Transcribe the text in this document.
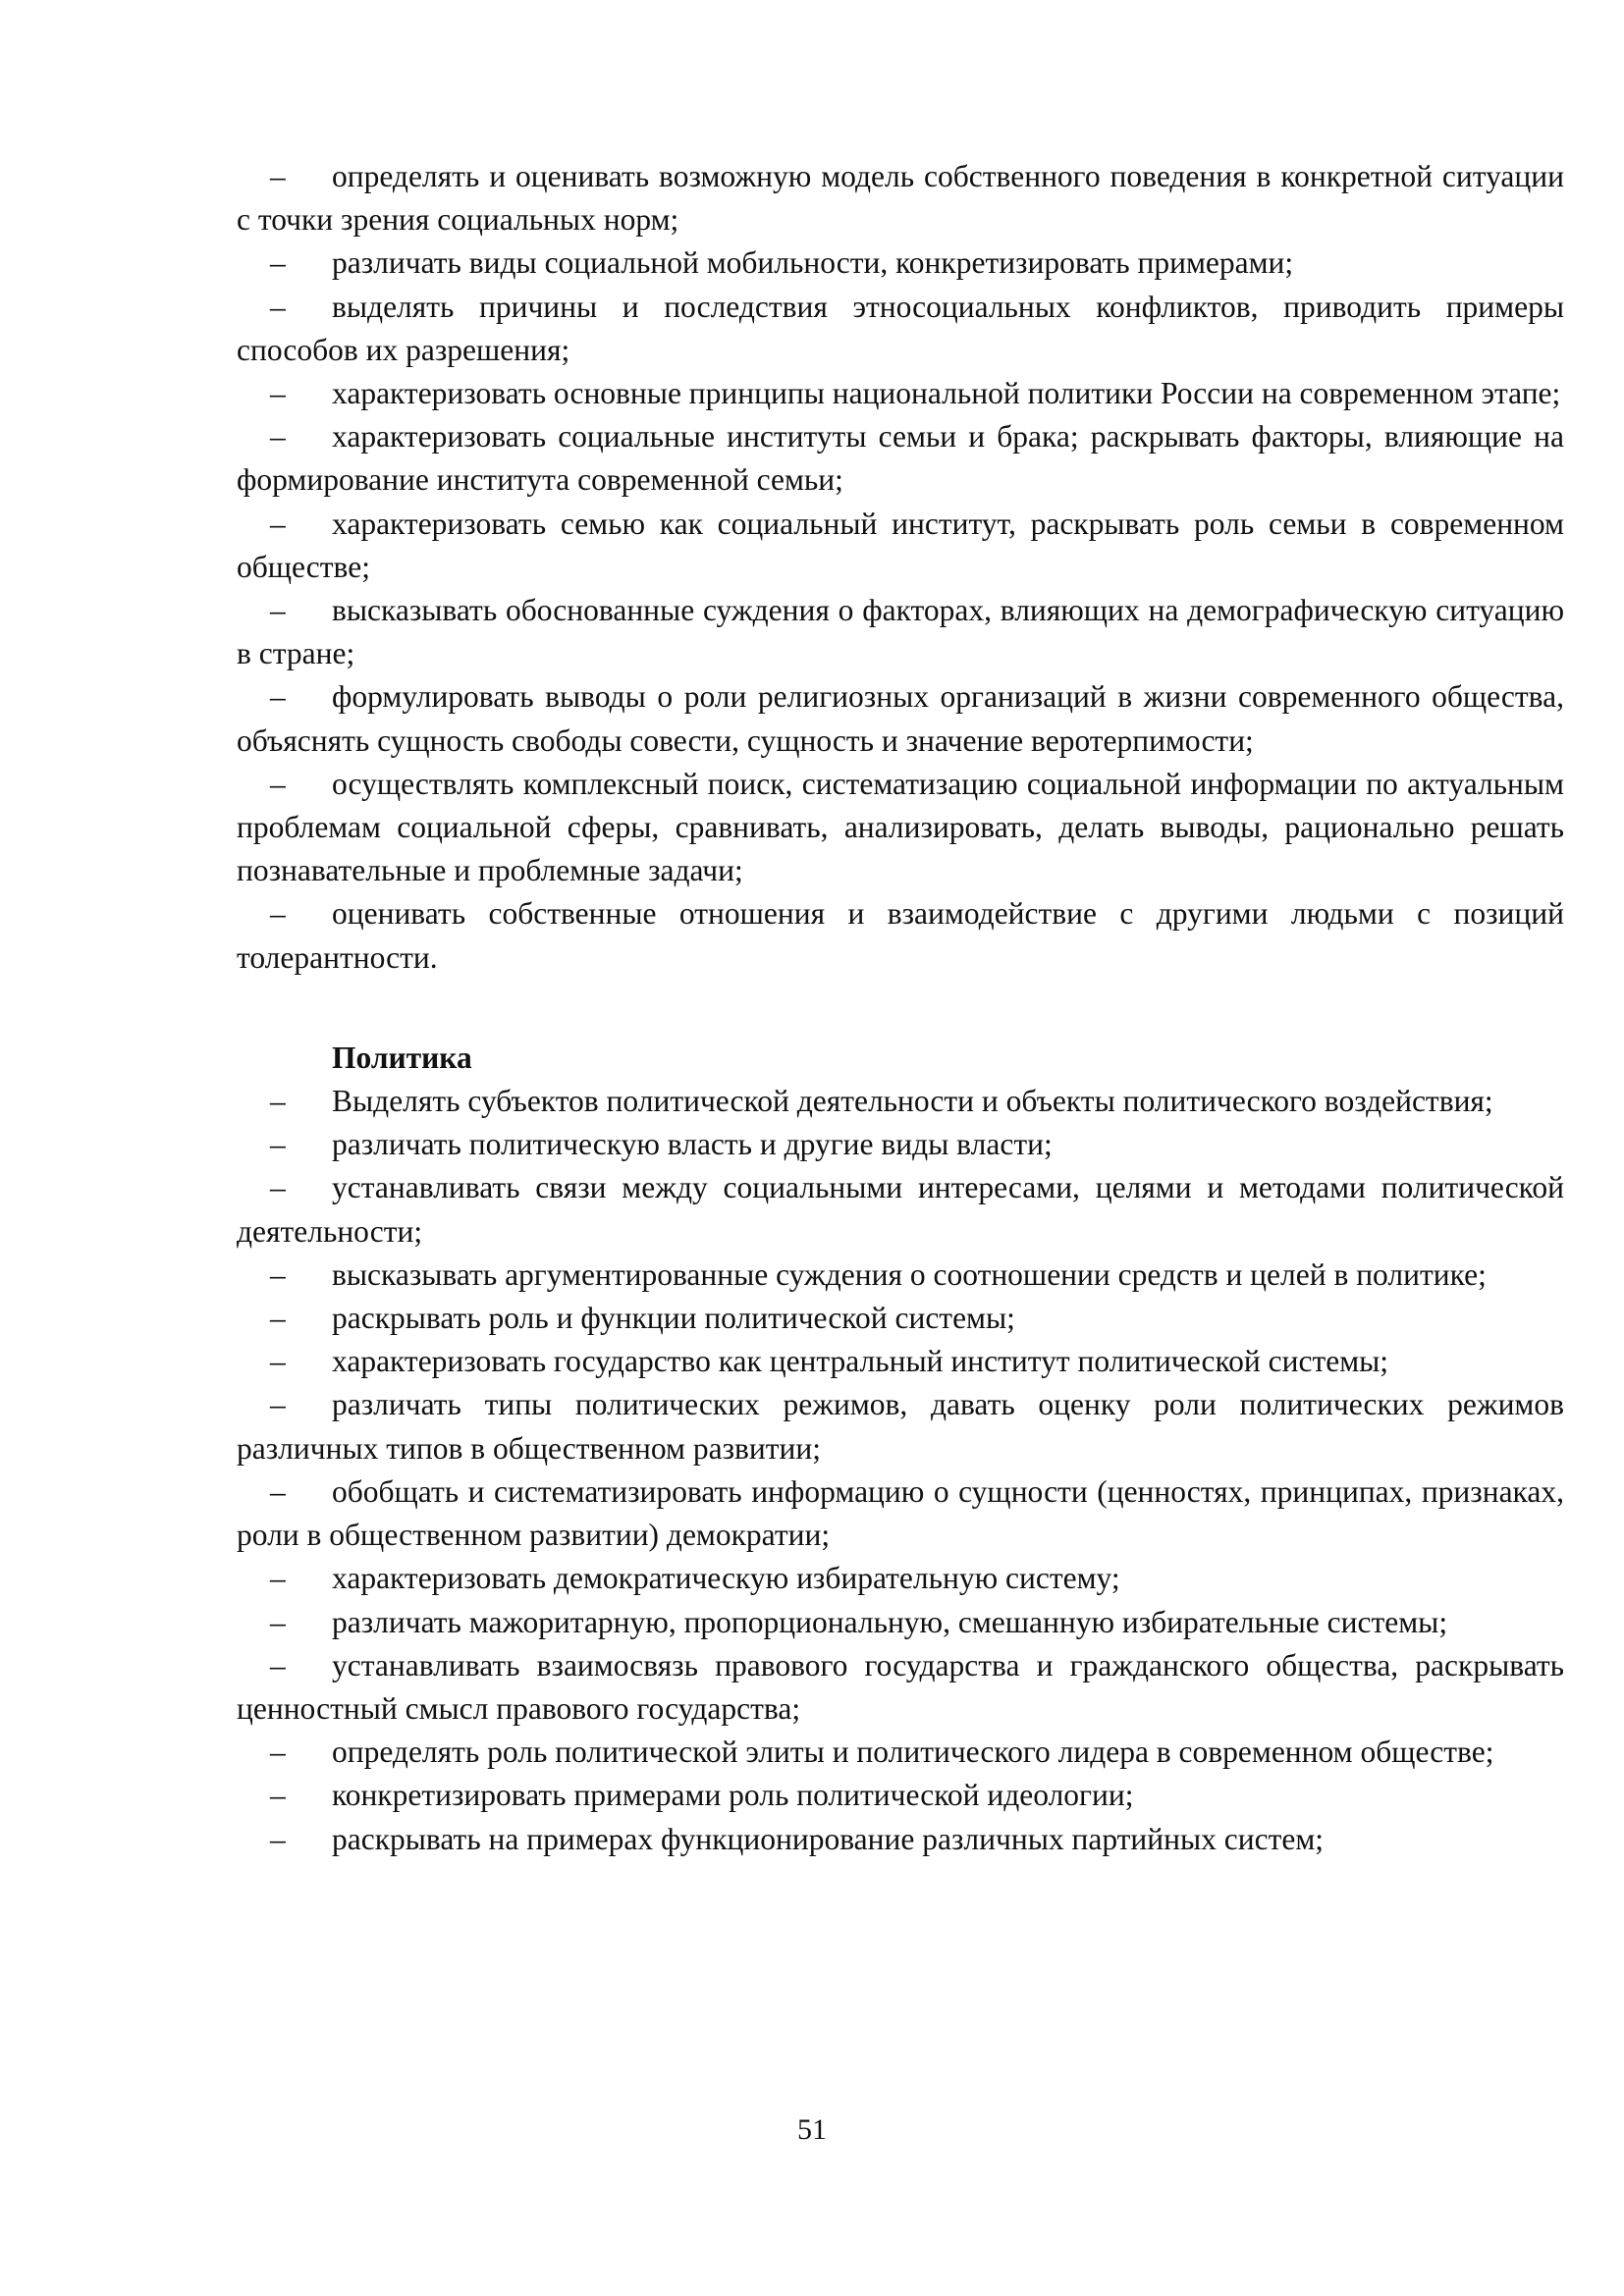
– определять и оценивать возможную модель собственного поведения в конкретной ситуации с точки зрения социальных норм;

– различать виды социальной мобильности, конкретизировать примерами;

– выделять причины и последствия этносоциальных конфликтов, приводить примеры способов их разрешения;

– характеризовать основные принципы национальной политики России на современном этапе;

– характеризовать социальные институты семьи и брака; раскрывать факторы, влияющие на формирование института современной семьи;

– характеризовать семью как социальный институт, раскрывать роль семьи в современном обществе;

– высказывать обоснованные суждения о факторах, влияющих на демографическую ситуацию в стране;

– формулировать выводы о роли религиозных организаций в жизни современного общества, объяснять сущность свободы совести, сущность и значение веротерпимости;

– осуществлять комплексный поиск, систематизацию социальной информации по актуальным проблемам социальной сферы, сравнивать, анализировать, делать выводы, рационально решать познавательные и проблемные задачи;

– оценивать собственные отношения и взаимодействие с другими людьми с позиций толерантности.

Политика

– Выделять субъектов политической деятельности и объекты политического воздействия;

– различать политическую власть и другие виды власти;

– устанавливать связи между социальными интересами, целями и методами политической деятельности;

– высказывать аргументированные суждения о соотношении средств и целей в политике;

– раскрывать роль и функции политической системы;

– характеризовать государство как центральный институт политической системы;

– различать типы политических режимов, давать оценку роли политических режимов различных типов в общественном развитии;

– обобщать и систематизировать информацию о сущности (ценностях, принципах, признаках, роли в общественном развитии) демократии;

– характеризовать демократическую избирательную систему;

– различать мажоритарную, пропорциональную, смешанную избирательные системы;

– устанавливать взаимосвязь правового государства и гражданского общества, раскрывать ценностный смысл правового государства;

– определять роль политической элиты и политического лидера в современном обществе;

– конкретизировать примерами роль политической идеологии;

– раскрывать на примерах функционирование различных партийных систем;

51
